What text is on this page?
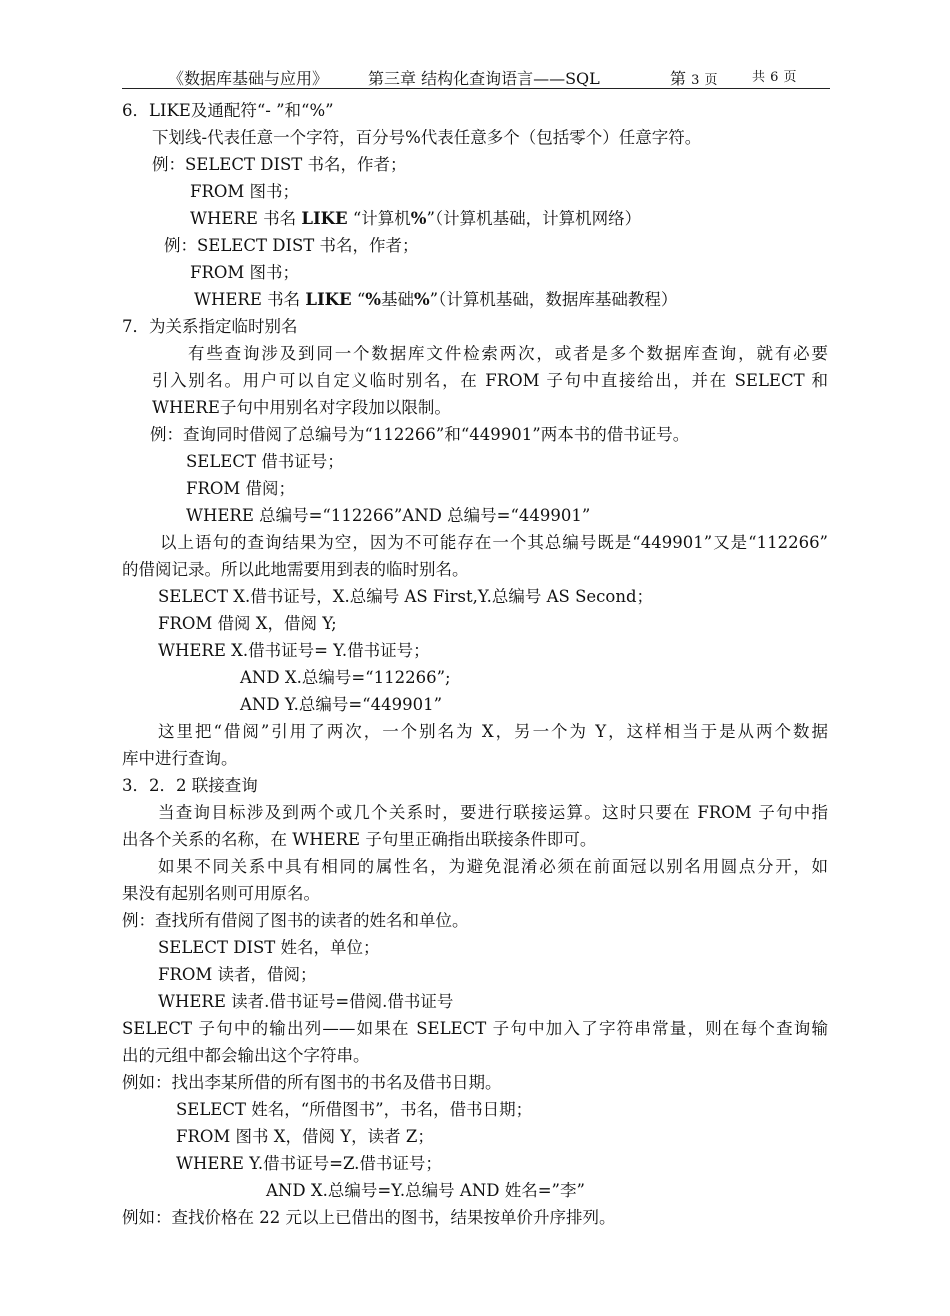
《数据库基础与应用》 第三章 结构化查询语言——SQL	第 3 页	共 6 页
6．LIKE及通配符“- ”和“%”
下划线-代表任意一个字符，百分号%代表任意多个（包括零个）任意字符。
例：SELECT DIST 书名，作者；
FROM 图书；
WHERE 书名 LIKE “计算机%”（计算机基础，计算机网络）
例：SELECT DIST 书名，作者；
FROM 图书；
WHERE 书名 LIKE “%基础%”（计算机基础，数据库基础教程）
7．为关系指定临时别名
有些查询涉及到同一个数据库文件检索两次，或者是多个数据库查询，就有必要
引入别名。用户可以自定义临时别名，在 FROM 子句中直接给出，并在 SELECT 和
WHERE子句中用别名对字段加以限制。
例：查询同时借阅了总编号为“112266”和“449901”两本书的借书证号。
SELECT 借书证号；
FROM 借阅；
WHERE 总编号=“112266”AND 总编号=“449901”
以上语句的查询结果为空，因为不可能存在一个其总编号既是“449901”又是“112266”
的借阅记录。所以此地需要用到表的临时别名。
SELECT X.借书证号，X.总编号 AS First,Y.总编号 AS Second；
FROM 借阅 X，借阅 Y;
WHERE X.借书证号= Y.借书证号；
AND X.总编号=“112266”;
AND Y.总编号=“449901”
这里把“借阅”引用了两次，一个别名为 X，另一个为 Y，这样相当于是从两个数据
库中进行查询。
3．2．2 联接查询
当查询目标涉及到两个或几个关系时，要进行联接运算。这时只要在 FROM 子句中指
出各个关系的名称，在 WHERE 子句里正确指出联接条件即可。
如果不同关系中具有相同的属性名，为避免混淆必须在前面冠以别名用圆点分开，如
果没有起别名则可用原名。
例：查找所有借阅了图书的读者的姓名和单位。
SELECT DIST 姓名，单位；
FROM 读者，借阅；
WHERE 读者.借书证号=借阅.借书证号
SELECT 子句中的输出列——如果在 SELECT 子句中加入了字符串常量，则在每个查询输
出的元组中都会输出这个字符串。
例如：找出李某所借的所有图书的书名及借书日期。
SELECT 姓名，“所借图书”，书名，借书日期；
FROM 图书 X，借阅 Y，读者 Z；
WHERE Y.借书证号=Z.借书证号；
AND X.总编号=Y.总编号 AND 姓名=”李”
例如：查找价格在 22 元以上已借出的图书，结果按单价升序排列。
